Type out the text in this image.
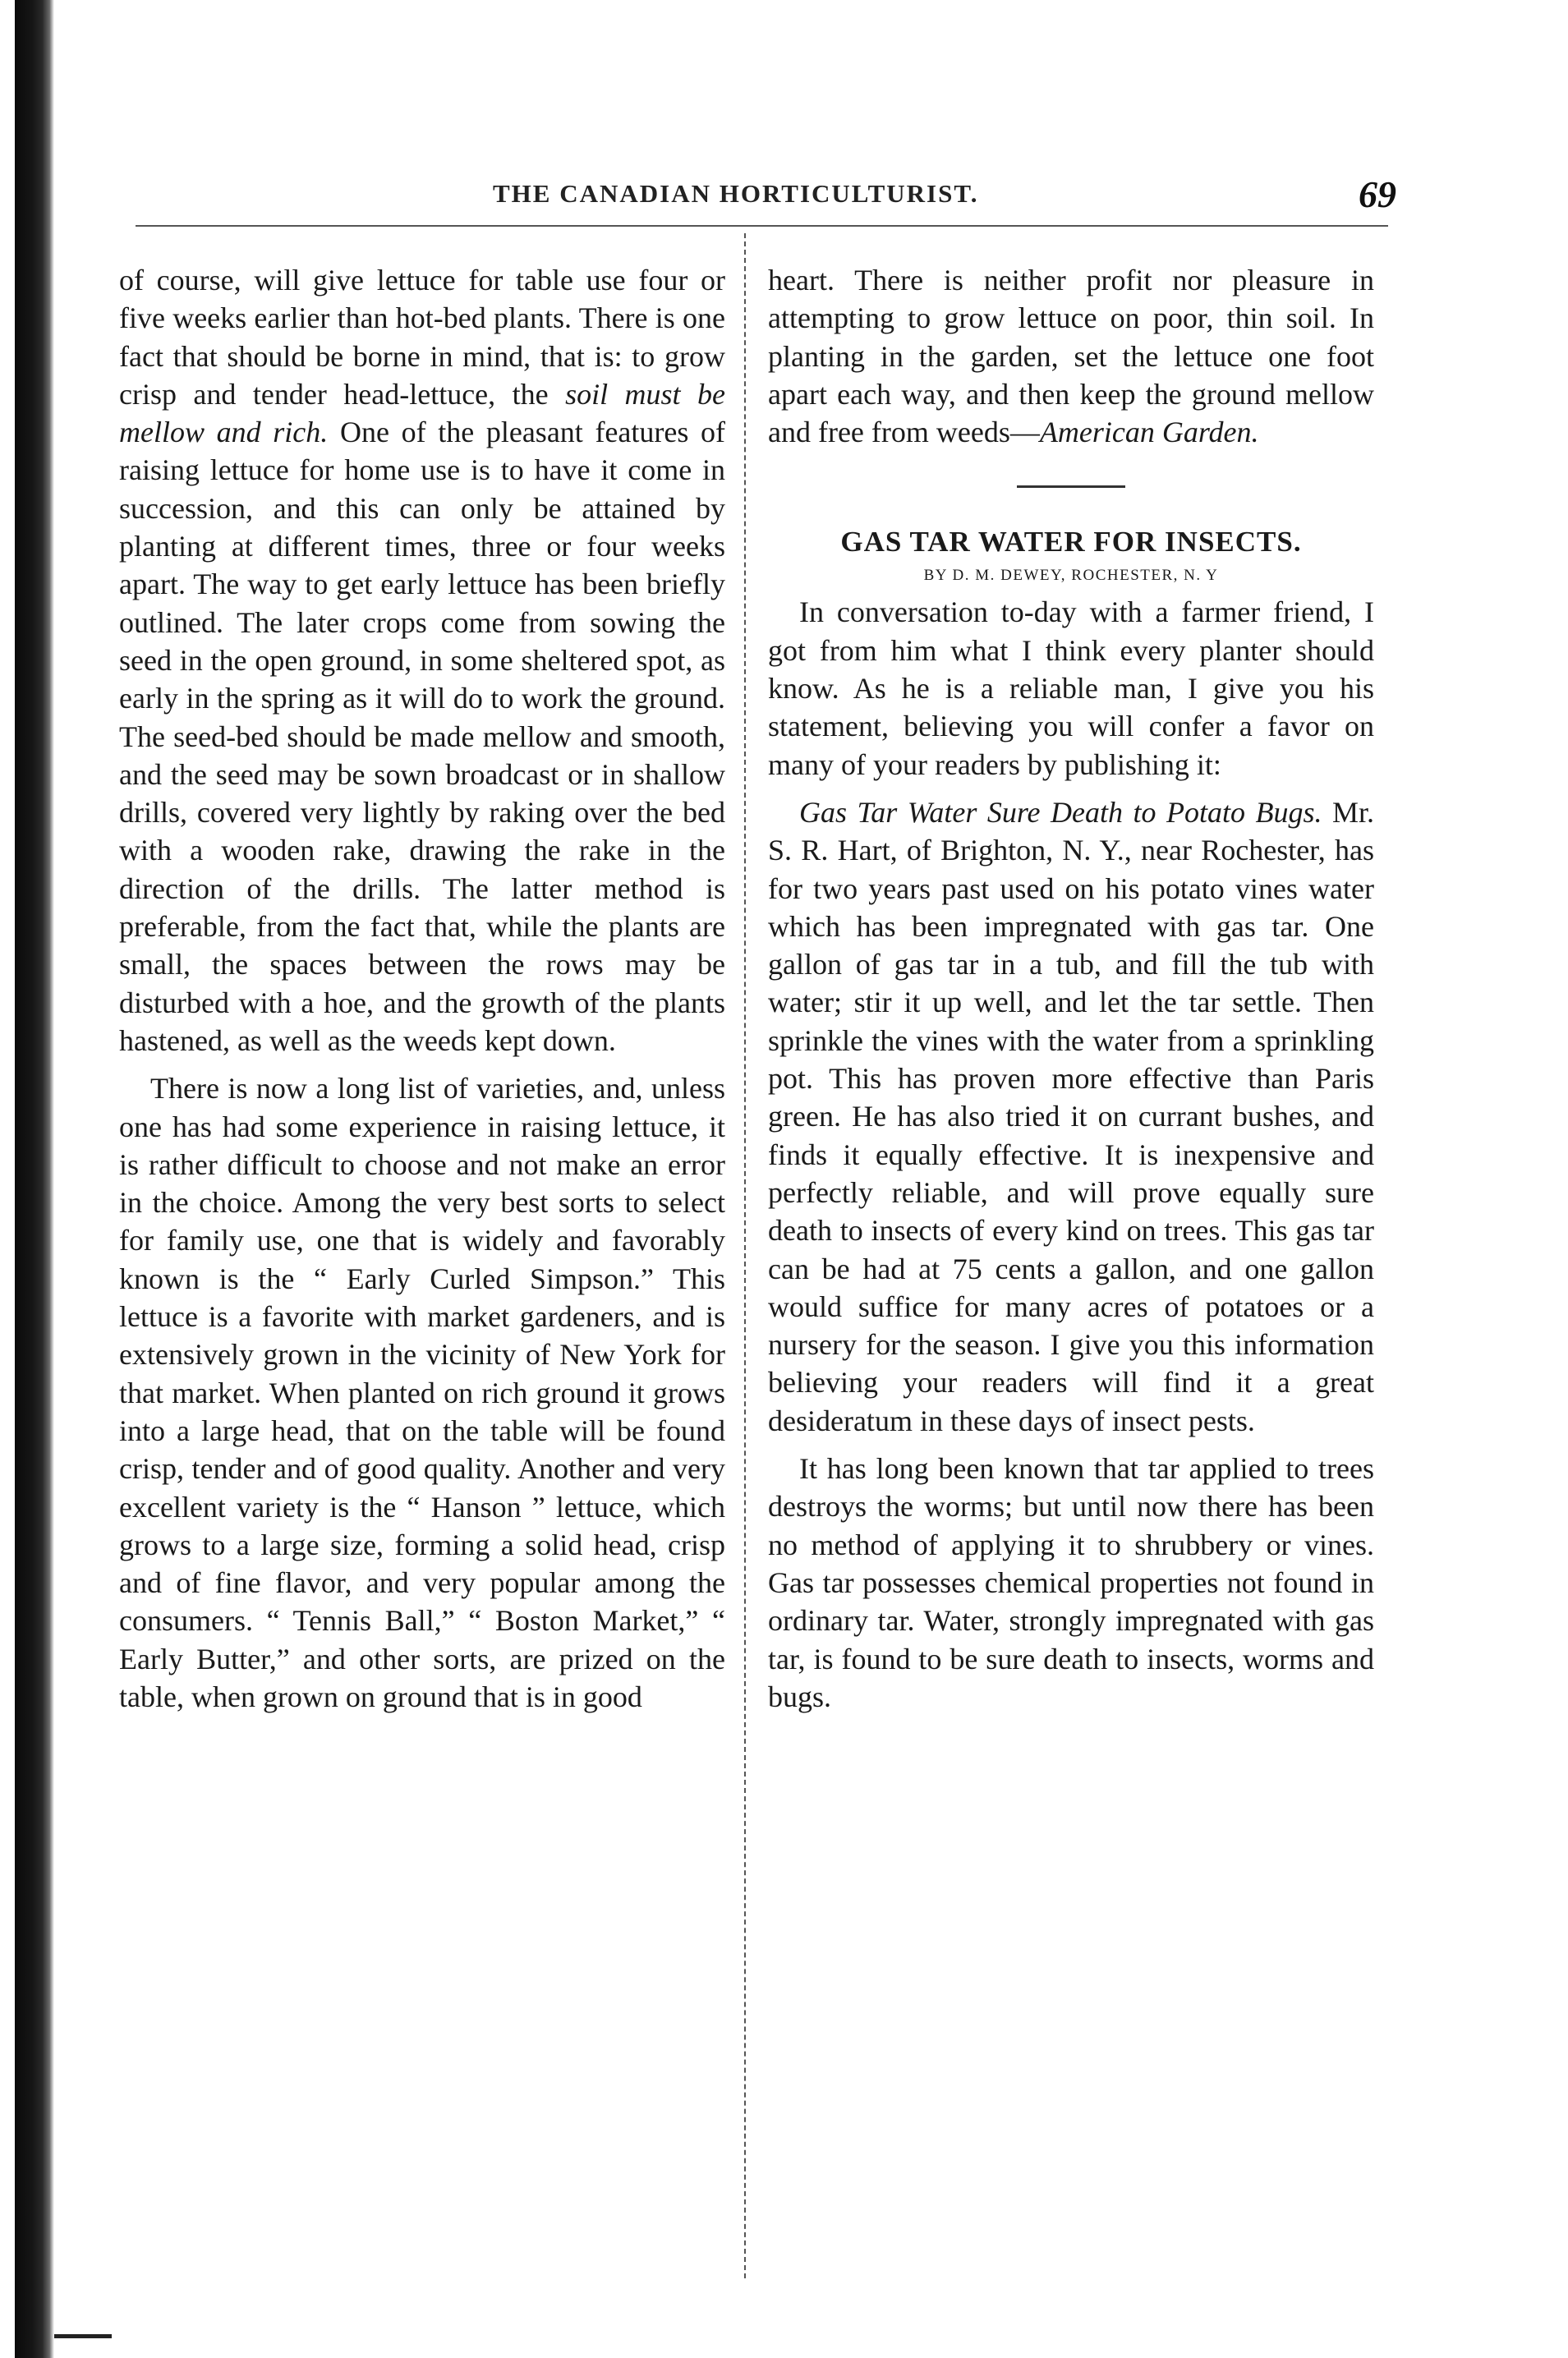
THE CANADIAN HORTICULTURIST.	69

of course, will give lettuce for table use four or five weeks earlier than hot-bed plants. There is one fact that should be borne in mind, that is: to grow crisp and tender head-lettuce, the soil must be mellow and rich. One of the pleasant features of raising lettuce for home use is to have it come in succession, and this can only be attained by planting at different times, three or four weeks apart. The way to get early lettuce has been briefly outlined. The later crops come from sowing the seed in the open ground, in some sheltered spot, as early in the spring as it will do to work the ground. The seed-bed should be made mellow and smooth, and the seed may be sown broadcast or in shallow drills, covered very lightly by raking over the bed with a wooden rake, drawing the rake in the direction of the drills. The latter method is preferable, from the fact that, while the plants are small, the spaces between the rows may be disturbed with a hoe, and the growth of the plants hastened, as well as the weeds kept down.

There is now a long list of varieties, and, unless one has had some experience in raising lettuce, it is rather difficult to choose and not make an error in the choice. Among the very best sorts to select for family use, one that is widely and favorably known is the “ Early Curled Simpson.” This lettuce is a favorite with market gardeners, and is extensively grown in the vicinity of New York for that market. When planted on rich ground it grows into a large head, that on the table will be found crisp, tender and of good quality. Another and very excellent variety is the “ Hanson ” lettuce, which grows to a large size, forming a solid head, crisp and of fine flavor, and very popular among the consumers. “ Tennis Ball,” “ Boston Market,” “ Early Butter,” and other sorts, are prized on the table, when grown on ground that is in good

heart. There is neither profit nor pleasure in attempting to grow lettuce on poor, thin soil. In planting in the garden, set the lettuce one foot apart each way, and then keep the ground mellow and free from weeds—American Garden.

GAS TAR WATER FOR INSECTS.
BY D. M. DEWEY, ROCHESTER, N. Y

In conversation to-day with a farmer friend, I got from him what I think every planter should know. As he is a reliable man, I give you his statement, believing you will confer a favor on many of your readers by publishing it:

Gas Tar Water Sure Death to Potato Bugs. Mr. S. R. Hart, of Brighton, N. Y., near Rochester, has for two years past used on his potato vines water which has been impregnated with gas tar. One gallon of gas tar in a tub, and fill the tub with water; stir it up well, and let the tar settle. Then sprinkle the vines with the water from a sprinkling pot. This has proven more effective than Paris green. He has also tried it on currant bushes, and finds it equally effective. It is inexpensive and perfectly reliable, and will prove equally sure death to insects of every kind on trees. This gas tar can be had at 75 cents a gallon, and one gallon would suffice for many acres of potatoes or a nursery for the season. I give you this information believing your readers will find it a great desideratum in these days of insect pests.

It has long been known that tar applied to trees destroys the worms; but until now there has been no method of applying it to shrubbery or vines. Gas tar possesses chemical properties not found in ordinary tar. Water, strongly impregnated with gas tar, is found to be sure death to insects, worms and bugs.
